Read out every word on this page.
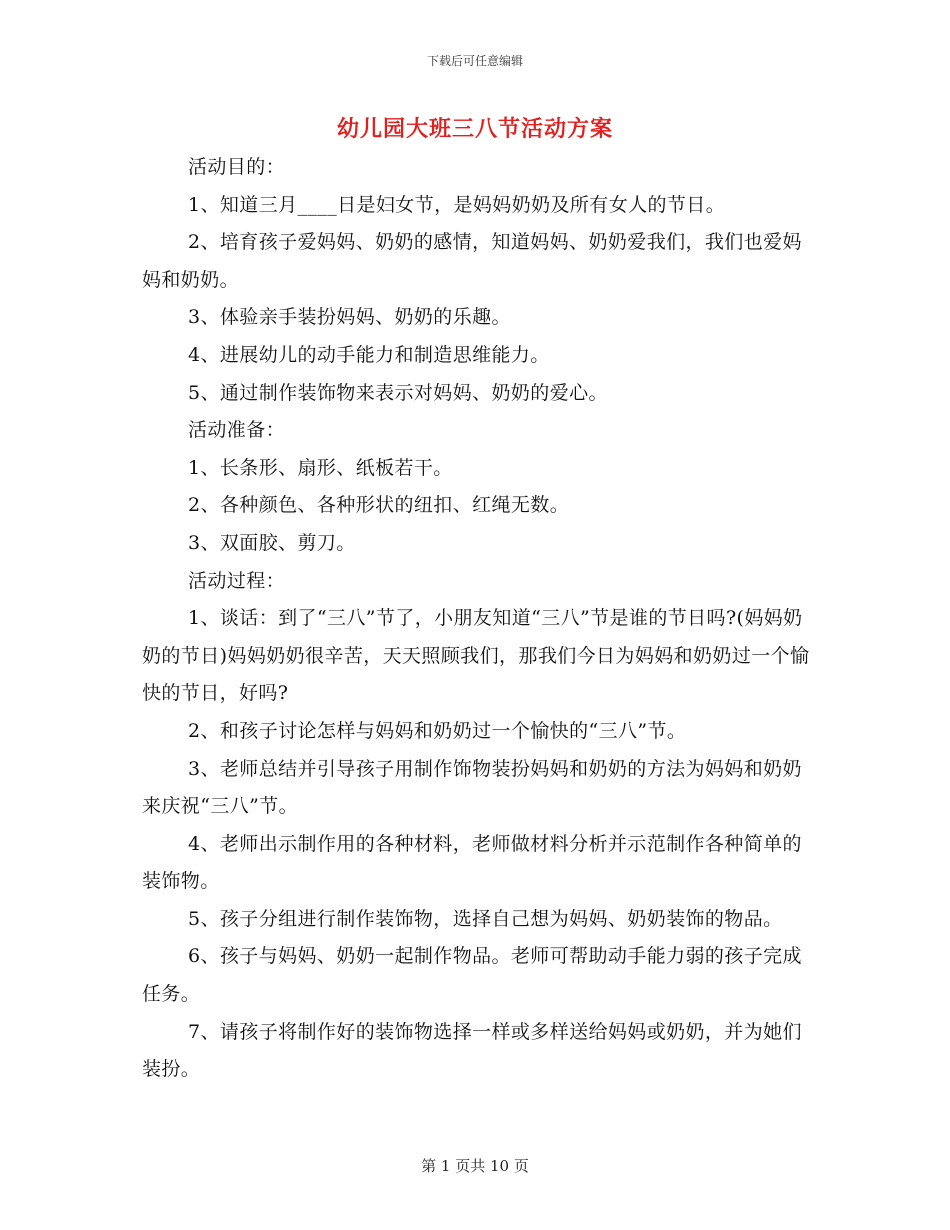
下载后可任意编辑
幼儿园大班三八节活动方案

活动目的：

1、知道三月____日是妇女节，是妈妈奶奶及所有女人的节日。

2、培育孩子爱妈妈、奶奶的感情，知道妈妈、奶奶爱我们，我们也爱妈妈和奶奶。

3、体验亲手装扮妈妈、奶奶的乐趣。

4、进展幼儿的动手能力和制造思维能力。

5、通过制作装饰物来表示对妈妈、奶奶的爱心。

活动准备：

1、长条形、扇形、纸板若干。

2、各种颜色、各种形状的纽扣、红绳无数。

3、双面胶、剪刀。

活动过程：

1、谈话：到了“三八”节了，小朋友知道“三八”节是谁的节日吗?(妈妈奶奶的节日)妈妈奶奶很辛苦，天天照顾我们，那我们今日为妈妈和奶奶过一个愉快的节日，好吗?

2、和孩子讨论怎样与妈妈和奶奶过一个愉快的“三八”节。

3、老师总结并引导孩子用制作饰物装扮妈妈和奶奶的方法为妈妈和奶奶来庆祝“三八”节。

4、老师出示制作用的各种材料，老师做材料分析并示范制作各种简单的装饰物。

5、孩子分组进行制作装饰物，选择自己想为妈妈、奶奶装饰的物品。

6、孩子与妈妈、奶奶一起制作物品。老师可帮助动手能力弱的孩子完成任务。

7、请孩子将制作好的装饰物选择一样或多样送给妈妈或奶奶，并为她们装扮。

第 1 页共 10 页
